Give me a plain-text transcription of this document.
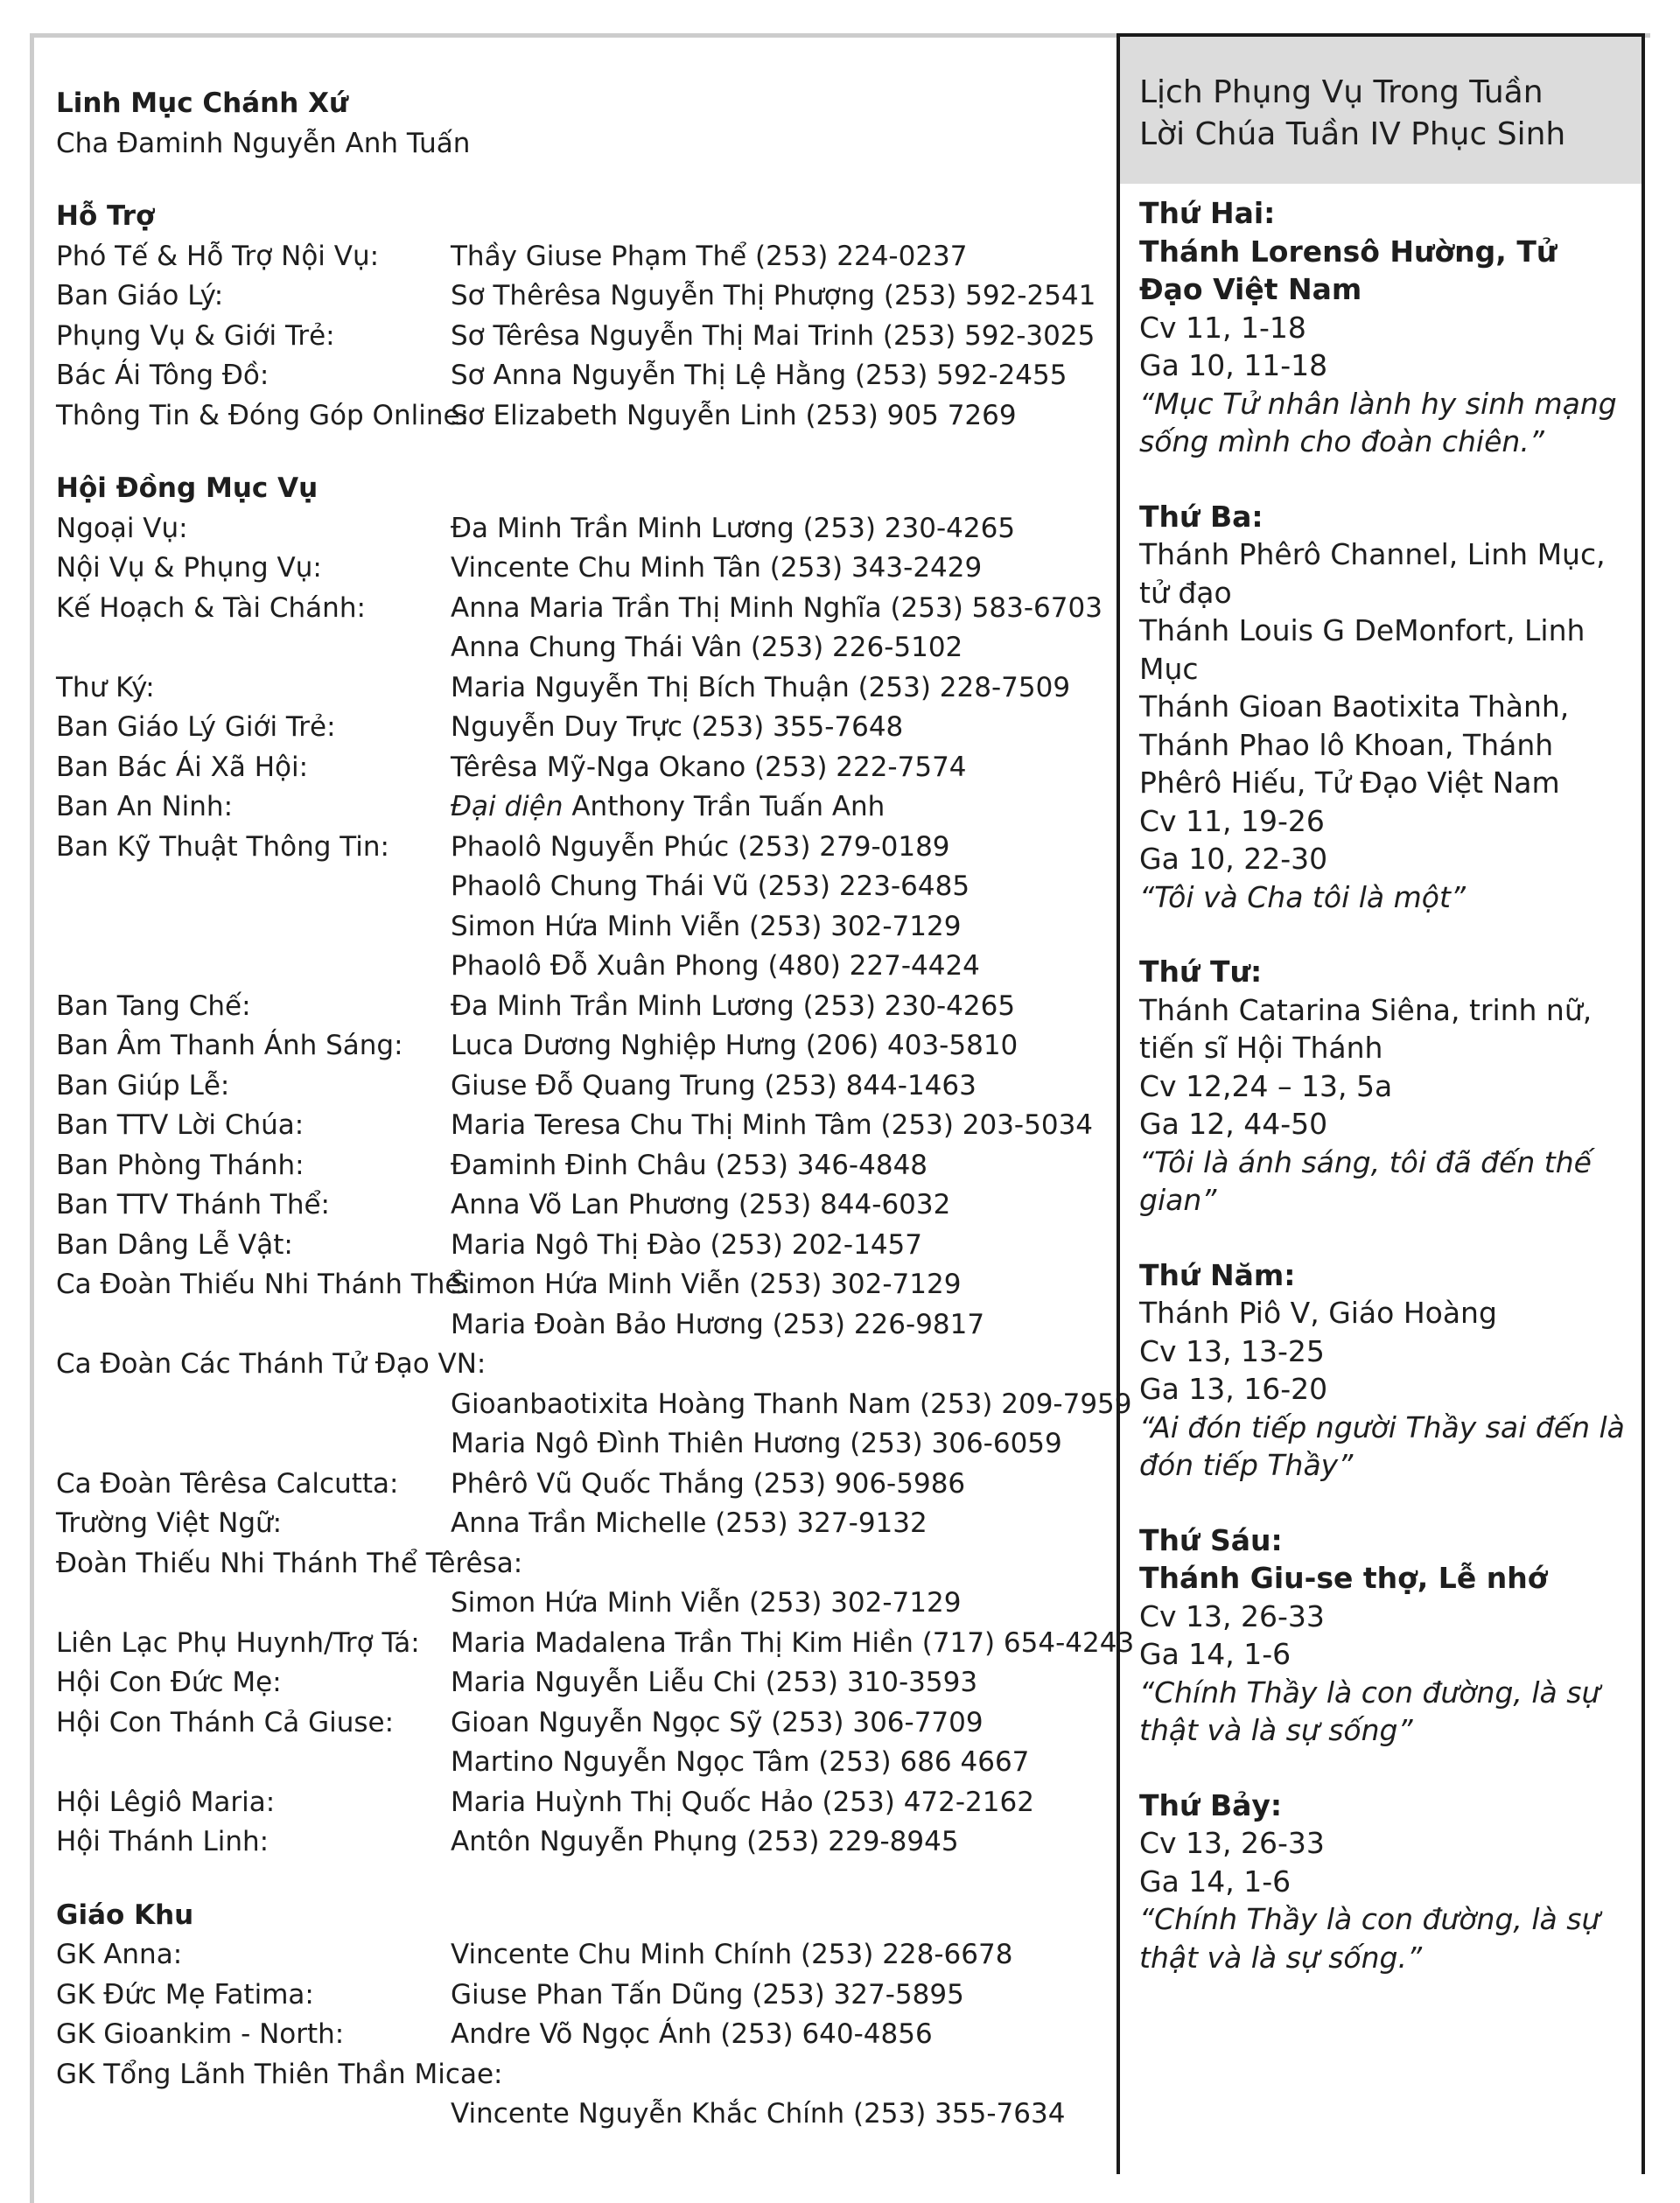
Linh Mục Chánh Xứ
Cha Đaminh Nguyễn Anh Tuấn
Hỗ Trợ
Phó Tế & Hỗ Trợ Nội Vụ:	Thầy Giuse Phạm Thể (253) 224-0237
Ban Giáo Lý:	Sơ Thêrêsa Nguyễn Thị Phượng (253) 592-2541
Phụng Vụ & Giới Trẻ:	Sơ Têrêsa Nguyễn Thị Mai Trinh (253) 592-3025
Bác Ái Tông Đồ:	Sơ Anna Nguyễn Thị Lệ Hằng (253) 592-2455
Thông Tin & Đóng Góp Online:
Sơ Elizabeth Nguyễn Linh (253) 905 7269
Hội Đồng Mục Vụ
Ngoại Vụ:	Đa Minh Trần Minh Lương (253) 230-4265
Nội Vụ & Phụng Vụ:	Vincente Chu Minh Tân (253) 343-2429
Kế Hoạch & Tài Chánh:	Anna Maria Trần Thị Minh Nghĩa (253) 583-6703
Anna Chung Thái Vân (253) 226-5102
Thư Ký:	Maria Nguyễn Thị Bích Thuận (253) 228-7509
Ban Giáo Lý Giới Trẻ:	Nguyễn Duy Trực (253) 355-7648
Ban Bác Ái Xã Hội:	Têrêsa Mỹ-Nga Okano (253) 222-7574
Ban An Ninh:	Đại diện Anthony Trần Tuấn Anh
Ban Kỹ Thuật Thông Tin:	Phaolô Nguyễn Phúc (253) 279-0189
Phaolô Chung Thái Vũ (253) 223-6485
Simon Hứa Minh Viễn (253) 302-7129
Phaolô Đỗ Xuân Phong (480) 227-4424
Ban Tang Chế:	Đa Minh Trần Minh Lương (253) 230-4265
Ban Âm Thanh Ánh Sáng:	Luca Dương Nghiệp Hưng (206) 403-5810
Ban Giúp Lễ:	Giuse Đỗ Quang Trung (253) 844-1463
Ban TTV Lời Chúa:	Maria Teresa Chu Thị Minh Tâm (253) 203-5034
Ban Phòng Thánh:	Đaminh Đinh Châu (253) 346-4848
Ban TTV Thánh Thể:	Anna Võ Lan Phương (253) 844-6032
Ban Dâng Lễ Vật:	Maria Ngô Thị Đào (253) 202-1457
Ca Đoàn Thiếu Nhi Thánh Thể:
Simon Hứa Minh Viễn (253) 302-7129
Maria Đoàn Bảo Hương (253) 226-9817
Ca Đoàn Các Thánh Tử Đạo VN:
Gioanbaotixita Hoàng Thanh Nam (253) 209-7959
Maria Ngô Đình Thiên Hương (253) 306-6059
Ca Đoàn Têrêsa Calcutta:	Phêrô Vũ Quốc Thắng (253) 906-5986
Trường Việt Ngữ:	Anna Trần Michelle (253) 327-9132
Đoàn Thiếu Nhi Thánh Thể Têrêsa:
Simon Hứa Minh Viễn (253) 302-7129
Liên Lạc Phụ Huynh/Trợ Tá:	Maria Madalena Trần Thị Kim Hiền (717) 654-4243
Hội Con Đức Mẹ:	Maria Nguyễn Liễu Chi (253) 310-3593
Hội Con Thánh Cả Giuse:	Gioan Nguyễn Ngọc Sỹ (253) 306-7709
Martino Nguyễn Ngọc Tâm (253) 686 4667
Hội Lêgiô Maria:	Maria Huỳnh Thị Quốc Hảo (253) 472-2162
Hội Thánh Linh:	Antôn Nguyễn Phụng (253) 229-8945
Giáo Khu
GK Anna:	Vincente Chu Minh Chính (253) 228-6678
GK Đức Mẹ Fatima:	Giuse Phan Tấn Dũng (253) 327-5895
GK Gioankim - North:	Andre Võ Ngọc Ánh (253) 640-4856
GK Tổng Lãnh Thiên Thần Micae:
Vincente Nguyễn Khắc Chính (253) 355-7634
Lịch Phụng Vụ Trong Tuần
Lời Chúa Tuần IV Phục Sinh
Thứ Hai:
Thánh Lorensô Hường, Tử Đạo Việt Nam
Cv 11, 1-18
Ga 10, 11-18
“Mục Tử nhân lành hy sinh mạng sống mình cho đoàn chiên.”
Thứ Ba:
Thánh Phêrô Channel, Linh Mục, tử đạo
Thánh Louis G DeMonfort, Linh Mục
Thánh Gioan Baotixita Thành, Thánh Phao lô Khoan, Thánh Phêrô Hiếu, Tử Đạo Việt Nam
Cv 11, 19-26
Ga 10, 22-30
“Tôi và Cha tôi là một”
Thứ Tư:
Thánh Catarina Siêna, trinh nữ, tiến sĩ Hội Thánh
Cv 12,24 – 13, 5a
Ga 12, 44-50
“Tôi là ánh sáng, tôi đã đến thế gian”
Thứ Năm:
Thánh Piô V, Giáo Hoàng
Cv 13, 13-25
Ga 13, 16-20
“Ai đón tiếp người Thầy sai đến là đón tiếp Thầy”
Thứ Sáu:
Thánh Giu-se thợ, Lễ nhớ
Cv 13, 26-33
Ga 14, 1-6
“Chính Thầy là con đường, là sự thật và là sự sống”
Thứ Bảy:
Cv 13, 26-33
Ga 14, 1-6
“Chính Thầy là con đường, là sự thật và là sự sống.”
